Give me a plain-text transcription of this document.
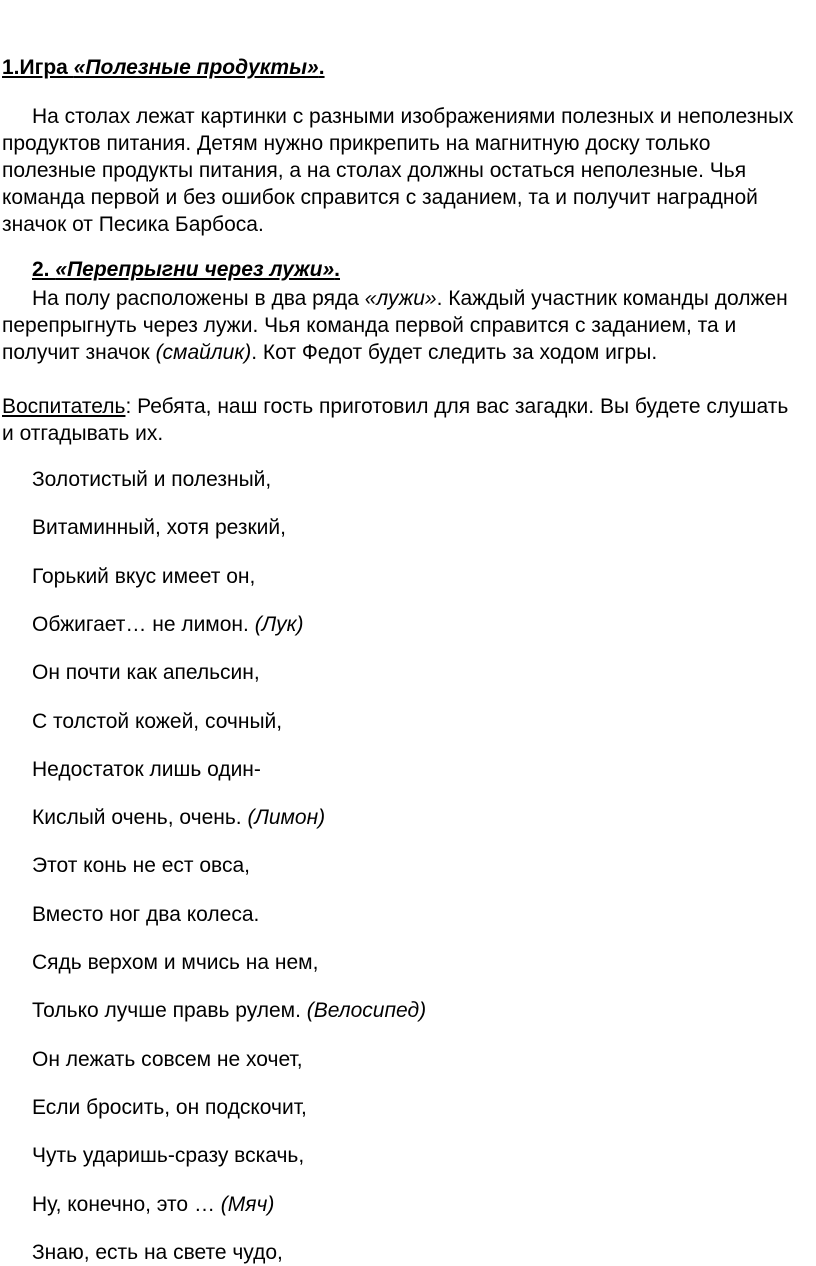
1.Игра «Полезные продукты».

На столах лежат картинки с разными изображениями полезных и неполезных продуктов питания. Детям нужно прикрепить на магнитную доску только полезные продукты питания, а на столах должны остаться неполезные. Чья команда первой и без ошибок справится с заданием, та и получит наградной значок от Песика Барбоса.

2. «Перепрыгни через лужи».

На полу расположены в два ряда «лужи». Каждый участник команды должен перепрыгнуть через лужи. Чья команда первой справится с заданием, та и получит значок (смайлик). Кот Федот будет следить за ходом игры.

Воспитатель: Ребята, наш гость приготовил для вас загадки. Вы будете слушать и отгадывать их.

Золотистый и полезный,
Витаминный, хотя резкий,
Горький вкус имеет он,
Обжигает… не лимон. (Лук)
Он почти как апельсин,
С толстой кожей, сочный,
Недостаток лишь один-
Кислый очень, очень. (Лимон)
Этот конь не ест овса,
Вместо ног два колеса.
Сядь верхом и мчись на нем,
Только лучше правь рулем. (Велосипед)
Он лежать совсем не хочет,
Если бросить, он подскочит,
Чуть ударишь-сразу вскачь,
Ну, конечно, это … (Мяч)
Знаю, есть на свете чудо,
